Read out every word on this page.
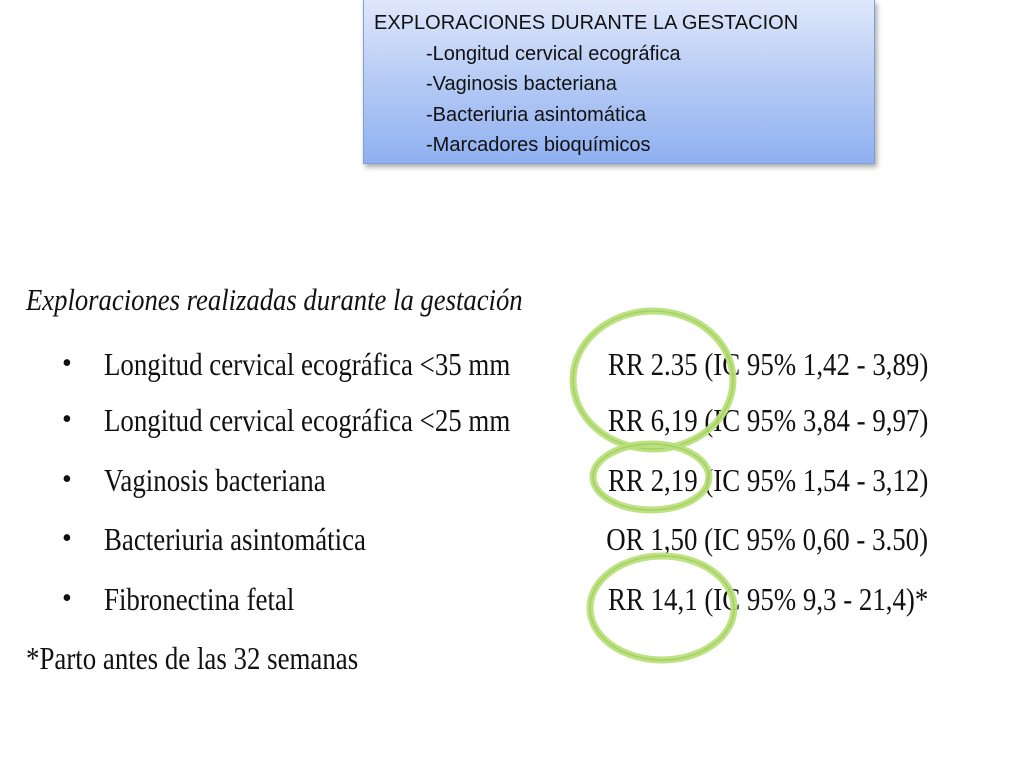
EXPLORACIONES DURANTE LA GESTACION
-Longitud cervical ecográfica
-Vaginosis bacteriana
-Bacteriuria asintomática
-Marcadores bioquímicos
Exploraciones realizadas durante la gestación
• Longitud cervical ecográfica <35 mm	RR 2.35 (IC 95% 1,42 - 3,89)
• Longitud cervical ecográfica <25 mm	RR 6,19 (IC 95% 3,84 - 9,97)
• Vaginosis bacteriana	RR 2,19 (IC 95% 1,54 - 3,12)
• Bacteriuria asintomática	OR 1,50 (IC 95% 0,60 - 3.50)
• Fibronectina fetal	RR 14,1 (IC 95% 9,3 - 21,4)*
*Parto antes de las 32 semanas
